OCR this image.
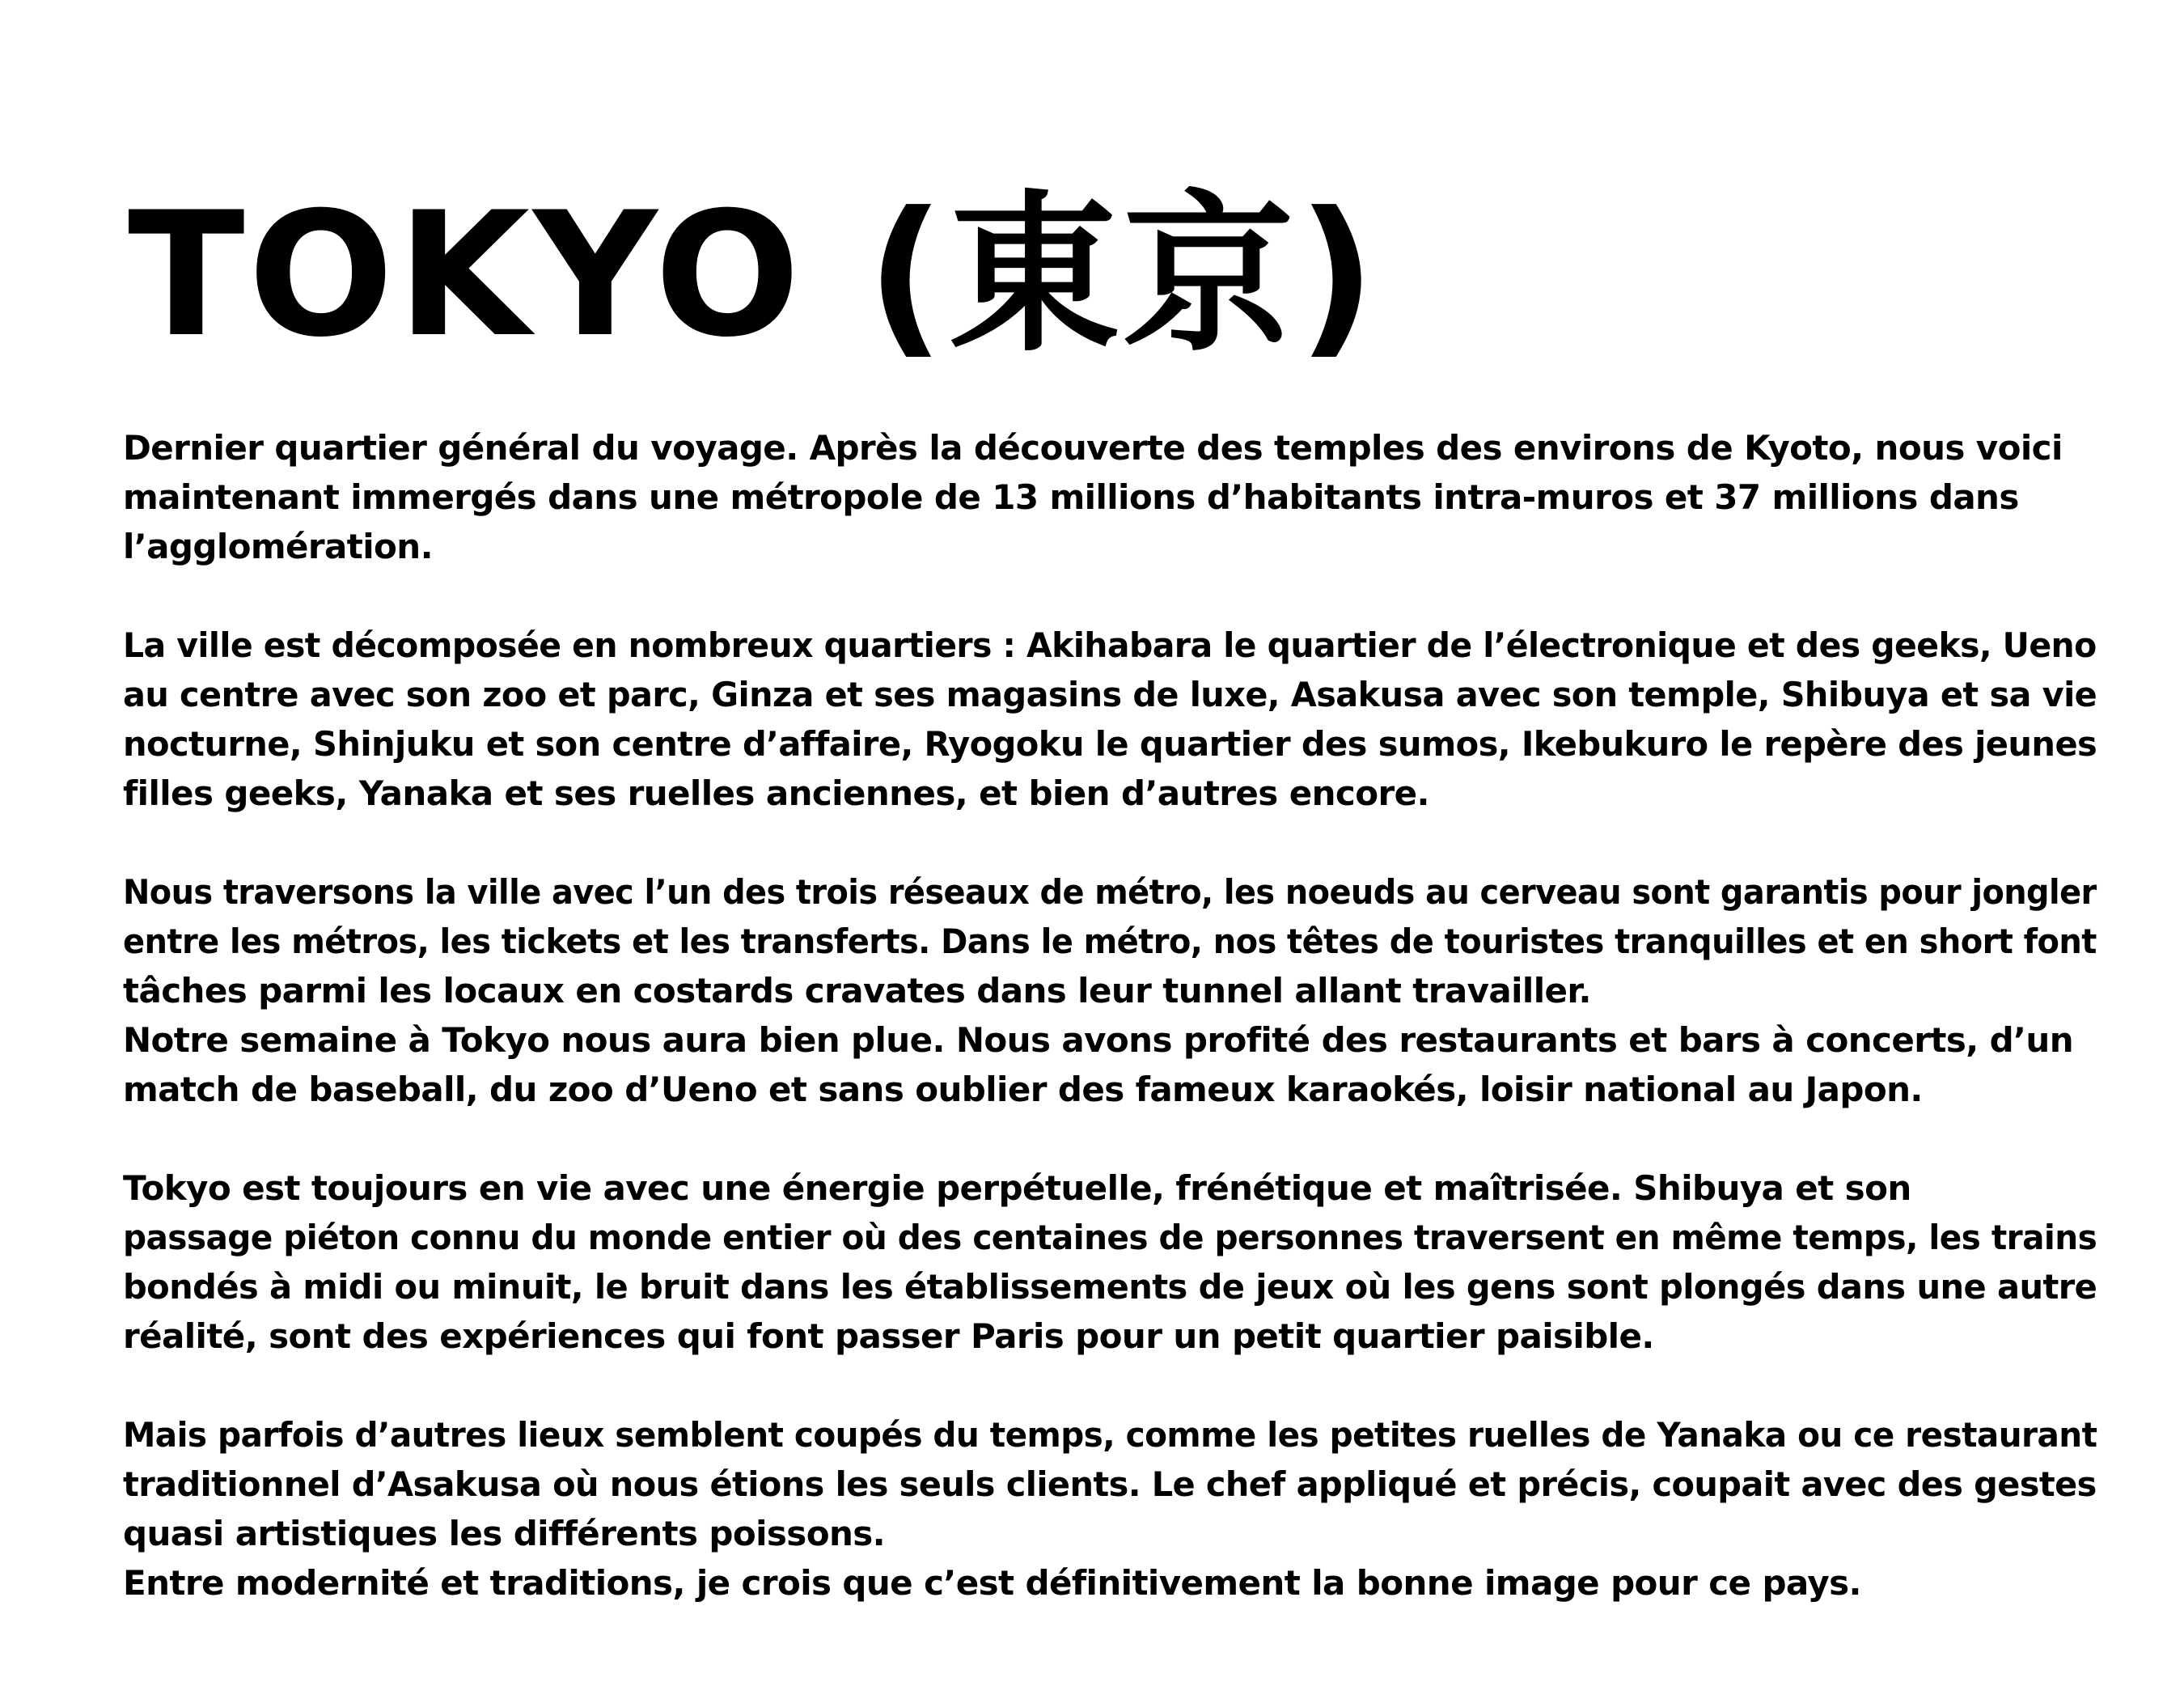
TOKYO (東京)

Dernier quartier général du voyage. Après la découverte des temples des environs de Kyoto, nous voici
maintenant immergés dans une métropole de 13 millions d’habitants intra-muros et 37 millions dans
l’agglomération.

La ville est décomposée en nombreux quartiers : Akihabara le quartier de l’électronique et des geeks, Ueno
au centre avec son zoo et parc, Ginza et ses magasins de luxe, Asakusa avec son temple, Shibuya et sa vie
nocturne, Shinjuku et son centre d’affaire, Ryogoku le quartier des sumos, Ikebukuro le repère des jeunes
filles geeks, Yanaka et ses ruelles anciennes, et bien d’autres encore.

Nous traversons la ville avec l’un des trois réseaux de métro, les noeuds au cerveau sont garantis pour jongler
entre les métros, les tickets et les transferts. Dans le métro, nos têtes de touristes tranquilles et en short font
tâches parmi les locaux en costards cravates dans leur tunnel allant travailler.
Notre semaine à Tokyo nous aura bien plue. Nous avons profité des restaurants et bars à concerts, d’un
match de baseball, du zoo d’Ueno et sans oublier des fameux karaokés, loisir national au Japon.

Tokyo est toujours en vie avec une énergie perpétuelle, frénétique et maîtrisée. Shibuya et son
passage piéton connu du monde entier où des centaines de personnes traversent en même temps, les trains
bondés à midi ou minuit, le bruit dans les établissements de jeux où les gens sont plongés dans une autre
réalité, sont des expériences qui font passer Paris pour un petit quartier paisible.

Mais parfois d’autres lieux semblent coupés du temps, comme les petites ruelles de Yanaka ou ce restaurant
traditionnel d’Asakusa où nous étions les seuls clients. Le chef appliqué et précis, coupait avec des gestes
quasi artistiques les différents poissons.
Entre modernité et traditions, je crois que c’est définitivement la bonne image pour ce pays.
